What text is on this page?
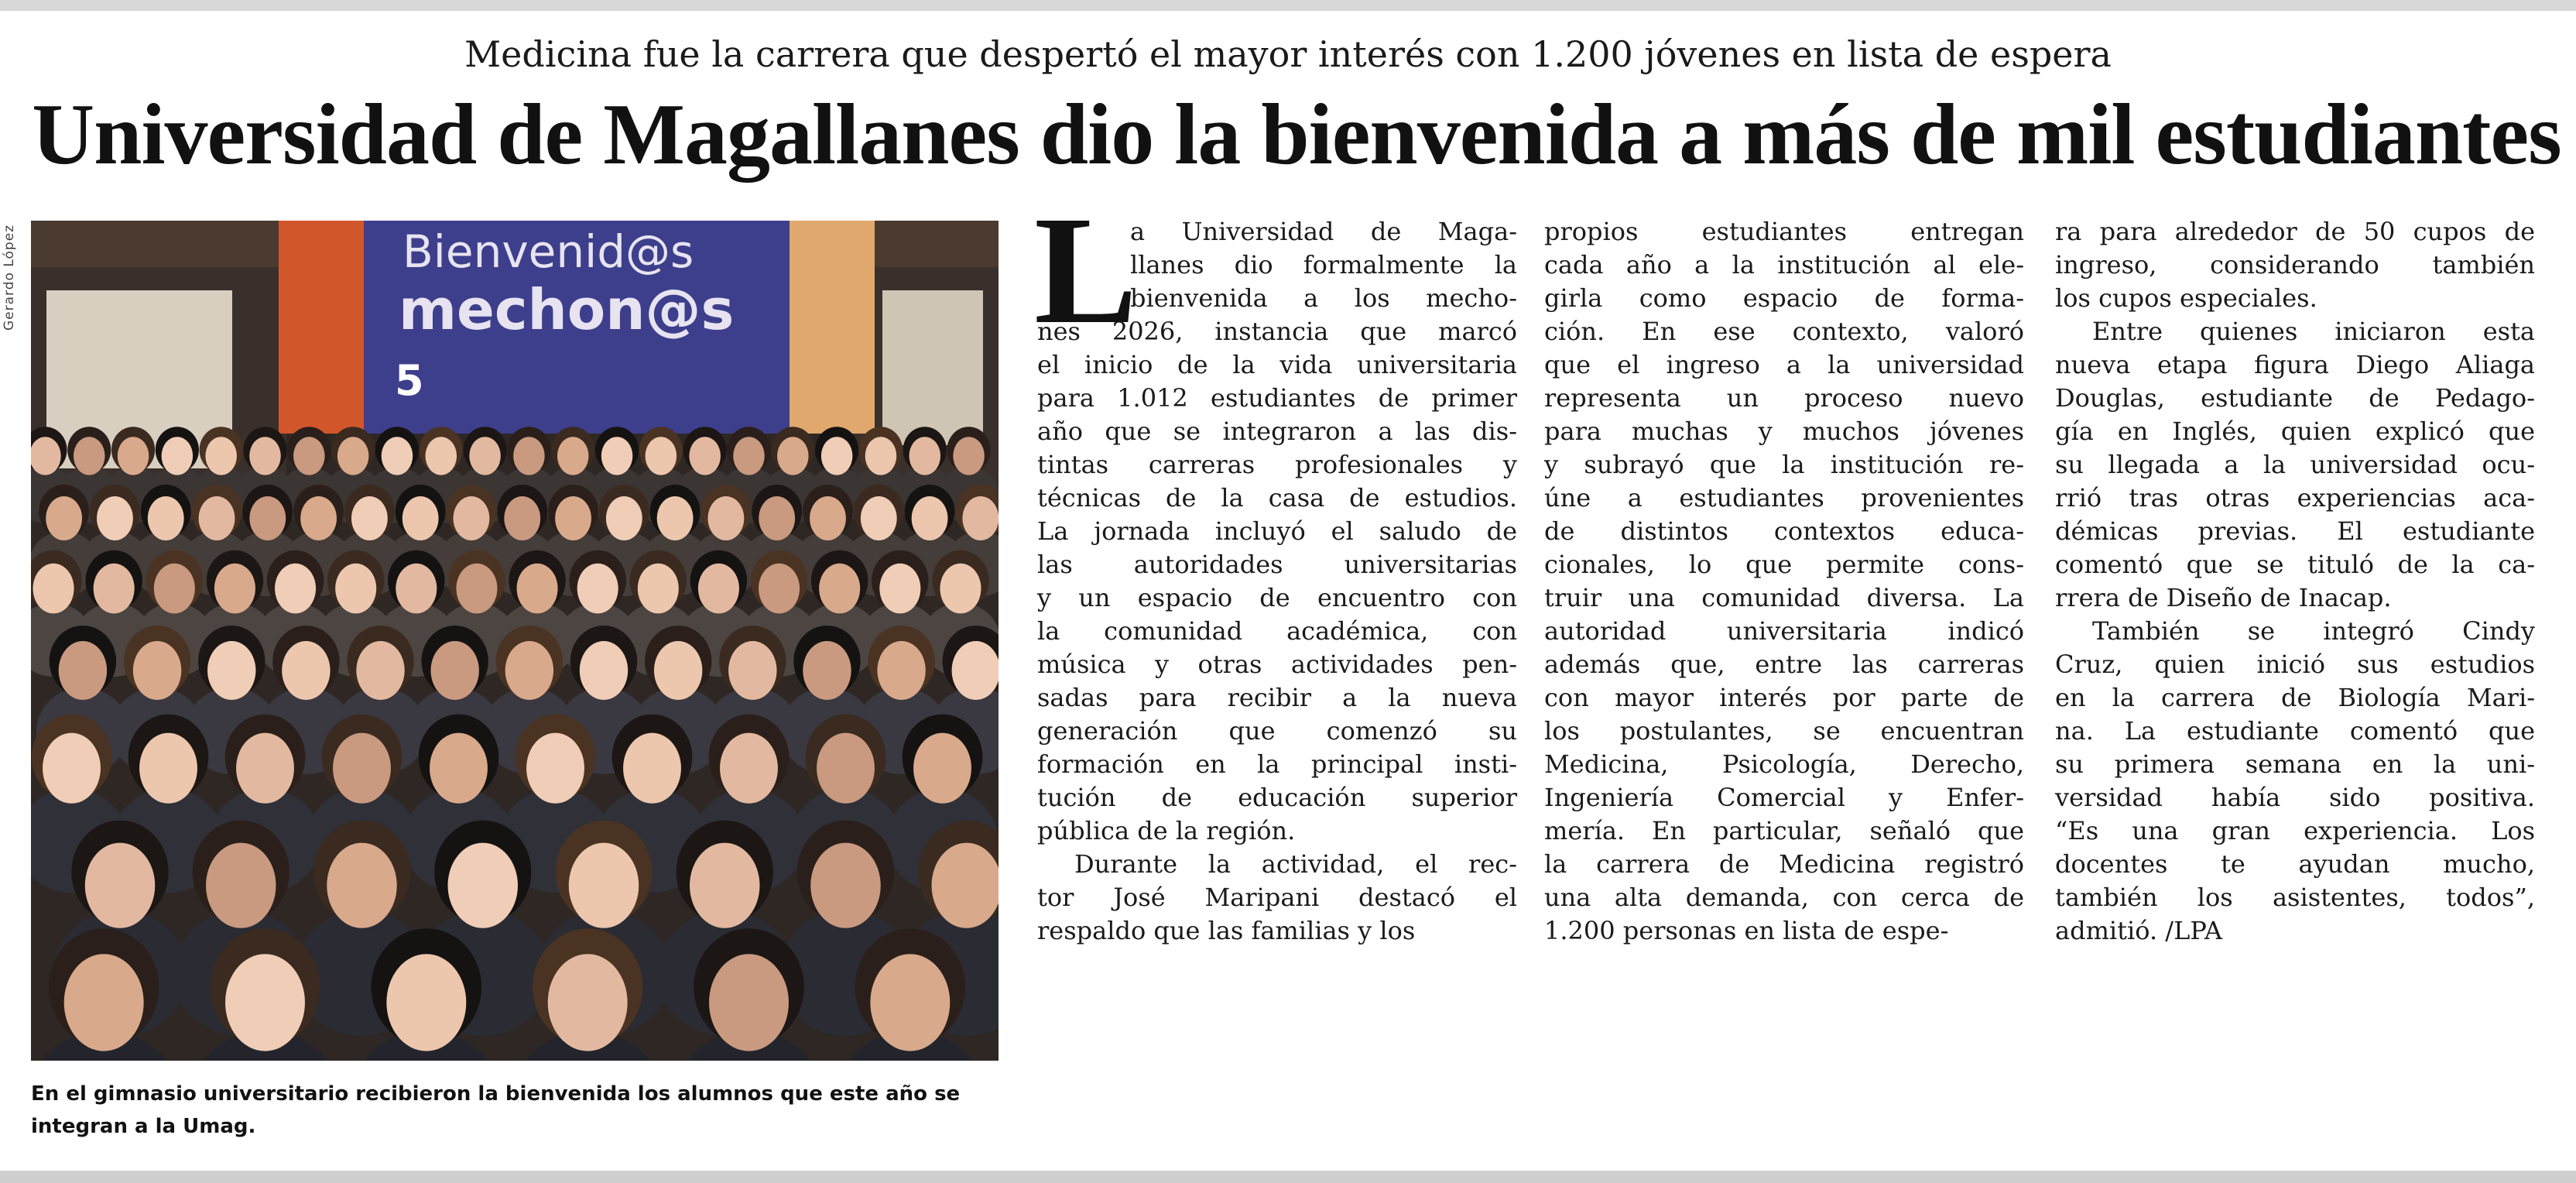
Medicina fue la carrera que despertó el mayor interés con 1.200 jóvenes en lista de espera
Universidad de Magallanes dio la bienvenida a más de mil estudiantes
Gerardo López	Bienvenid@s
mechon@s
5
En el gimnasio universitario recibieron la bienvenida los alumnos que este año se integran a la Umag.
L
a Universidad de Maga-
llanes dio formalmente la
bienvenida a los mecho-
nes 2026, instancia que marcó
el inicio de la vida universitaria
para 1.012 estudiantes de primer
año que se integraron a las dis-
tintas carreras profesionales y
técnicas de la casa de estudios.
La jornada incluyó el saludo de
las autoridades universitarias
y un espacio de encuentro con
la comunidad académica, con
música y otras actividades pen-
sadas para recibir a la nueva
generación que comenzó su
formación en la principal insti-
tución de educación superior
pública de la región.
Durante la actividad, el rec-
tor José Maripani destacó el
respaldo que las familias y los
propios estudiantes entregan
cada año a la institución al ele-
girla como espacio de forma-
ción. En ese contexto, valoró
que el ingreso a la universidad
representa un proceso nuevo
para muchas y muchos jóvenes
y subrayó que la institución re-
úne a estudiantes provenientes
de distintos contextos educa-
cionales, lo que permite cons-
truir una comunidad diversa. La
autoridad universitaria indicó
además que, entre las carreras
con mayor interés por parte de
los postulantes, se encuentran
Medicina, Psicología, Derecho,
Ingeniería Comercial y Enfer-
mería. En particular, señaló que
la carrera de Medicina registró
una alta demanda, con cerca de
1.200 personas en lista de espe-
ra para alrededor de 50 cupos de
ingreso, considerando también
los cupos especiales.
Entre quienes iniciaron esta
nueva etapa figura Diego Aliaga
Douglas, estudiante de Pedago-
gía en Inglés, quien explicó que
su llegada a la universidad ocu-
rrió tras otras experiencias aca-
démicas previas. El estudiante
comentó que se tituló de la ca-
rrera de Diseño de Inacap.
También se integró Cindy
Cruz, quien inició sus estudios
en la carrera de Biología Mari-
na. La estudiante comentó que
su primera semana en la uni-
versidad había sido positiva.
“Es una gran experiencia. Los
docentes te ayudan mucho,
también los asistentes, todos”,
admitió. /LPA
